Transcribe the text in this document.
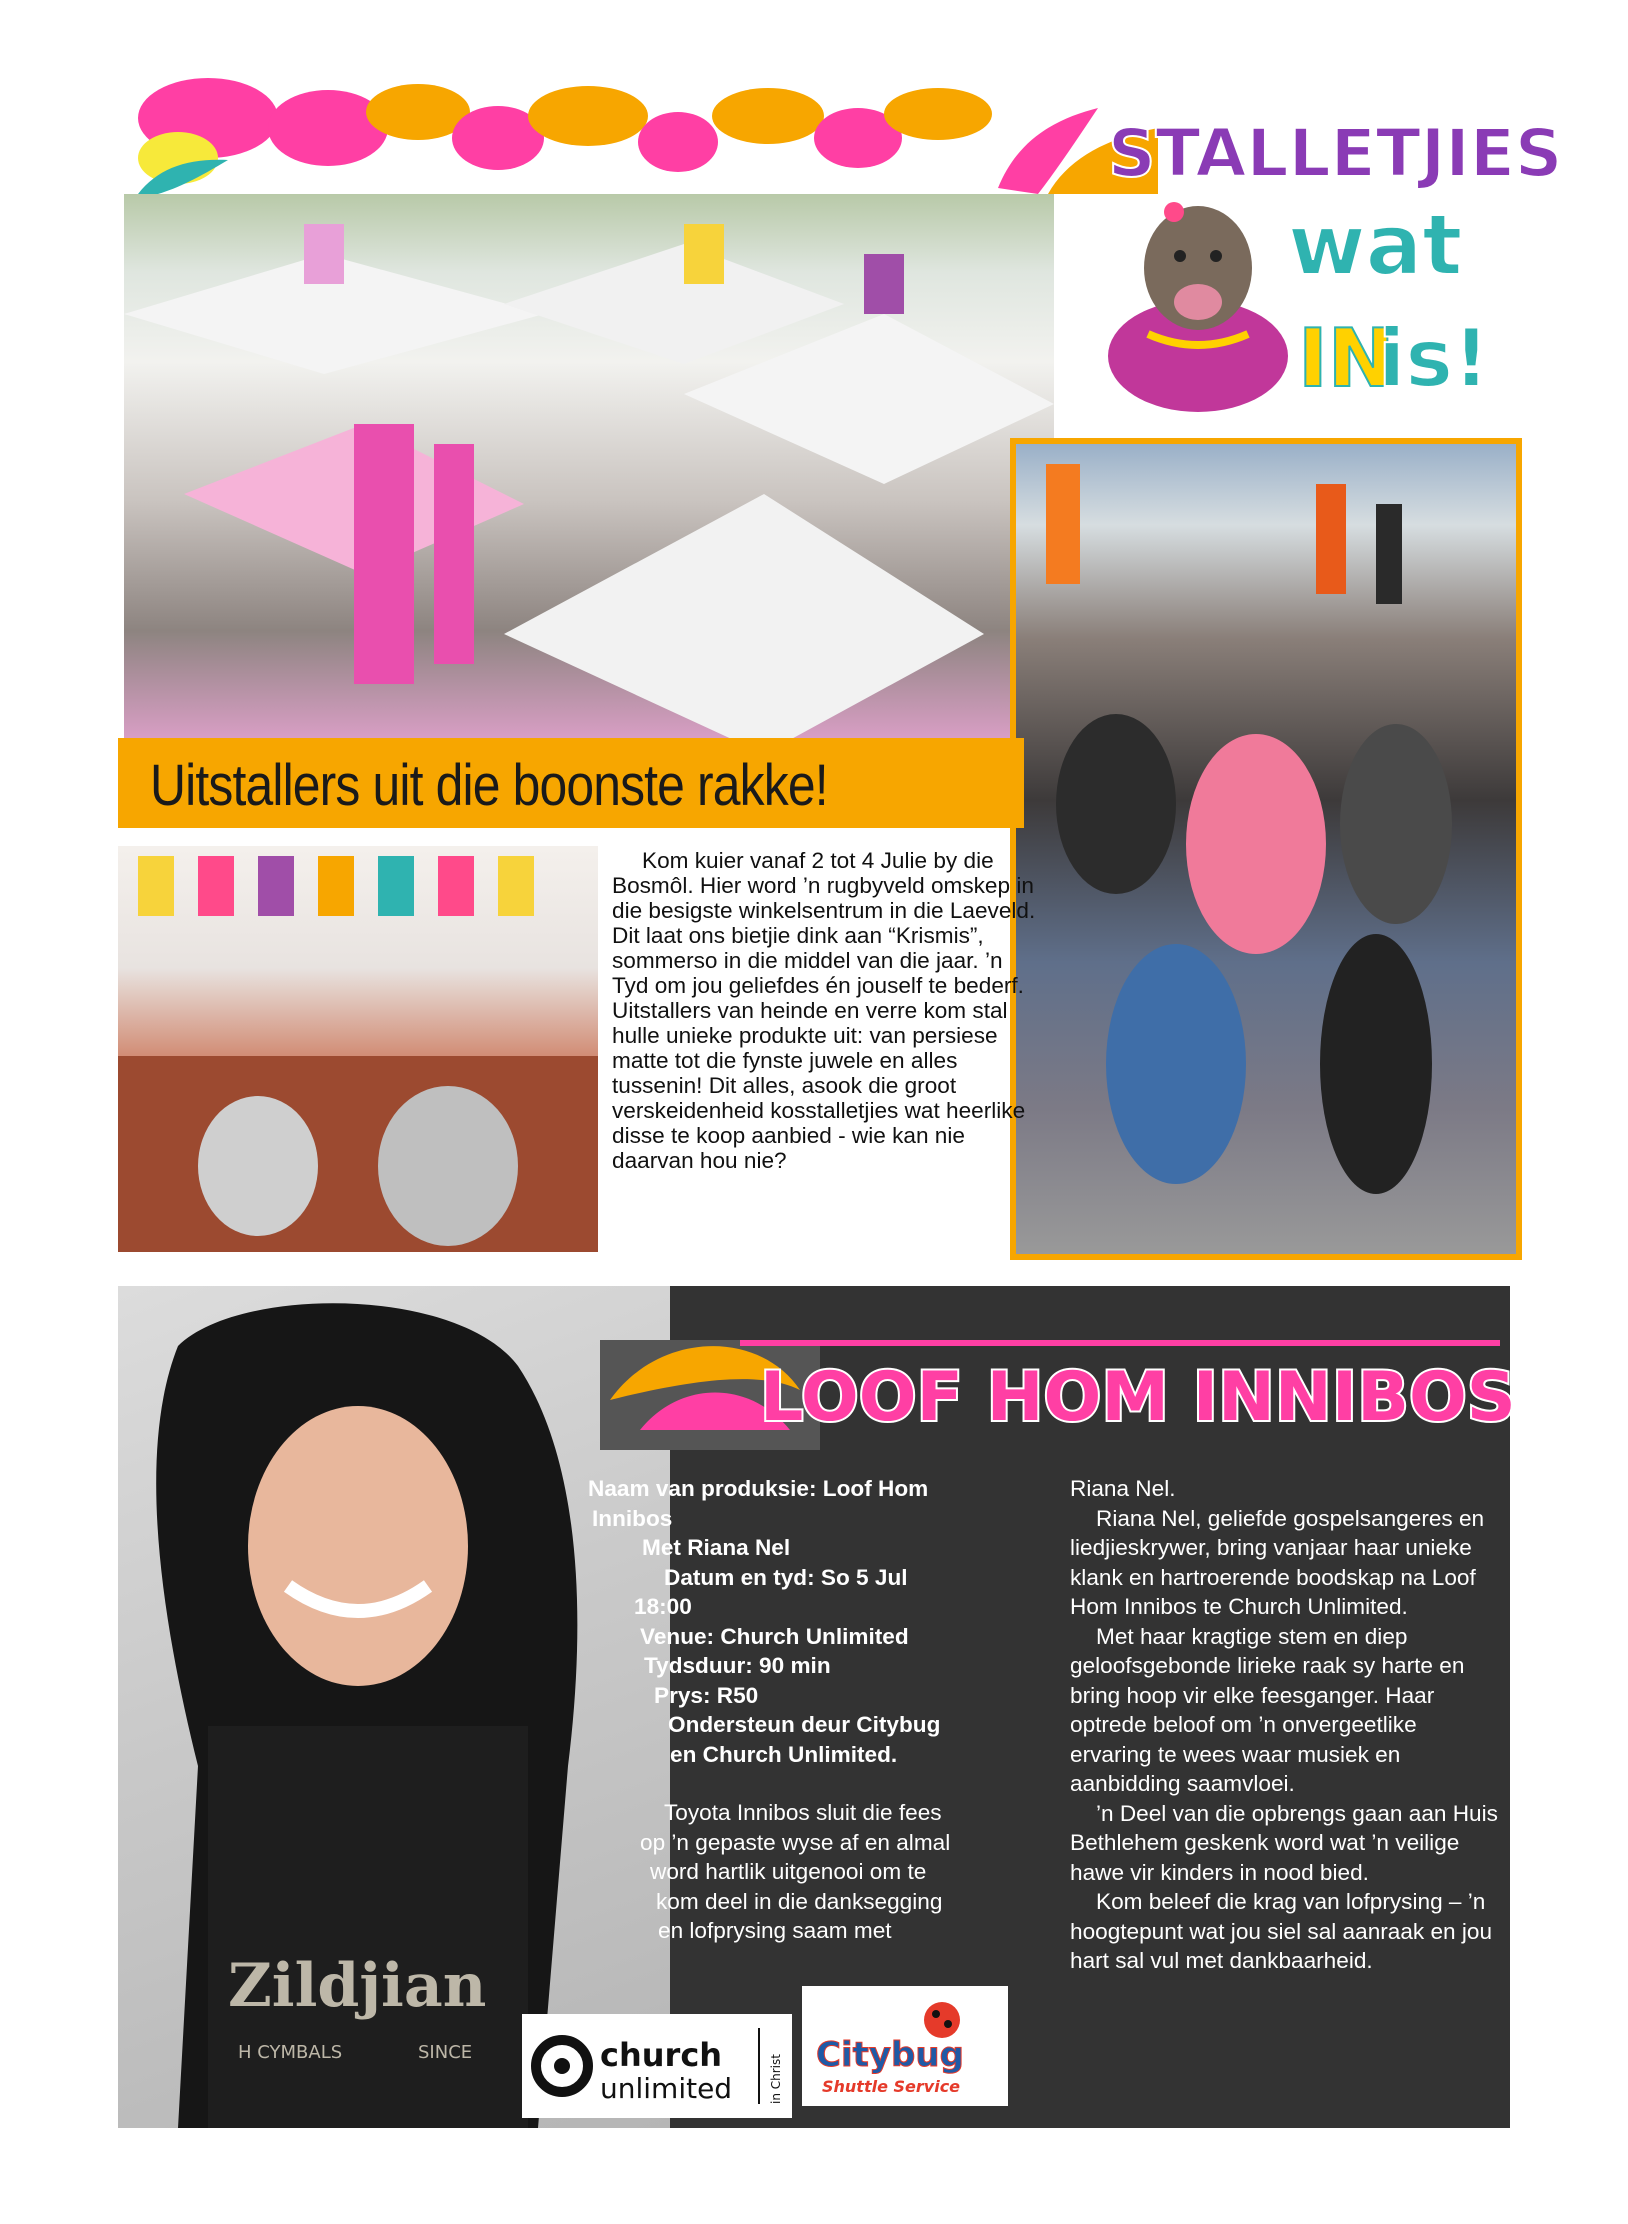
STALLETJIES
wat
IN
is!
Uitstallers uit die boonste rakke!

Kom kuier vanaf 2 tot 4 Julie by die Bosmôl. Hier word ’n rugbyveld omskep in die besigste winkelsentrum in die Laeveld. Dit laat ons bietjie dink aan “Krismis”, sommerso in die middel van die jaar. ’n Tyd om jou geliefdes én jouself te bederf. Uitstallers van heinde en verre kom stal hulle unieke produkte uit: van persiese matte tot die fynste juwele en alles tussenin! Dit alles, asook die groot verskeidenheid kosstalletjies wat heerlike disse te koop aanbied - wie kan nie daarvan hou nie?

Zildjian
H CYMBALS	SINCE
LOOF HOM INNIBOS
Naam van produksie: Loof Hom
Innibos
Met Riana Nel
Datum en tyd: So 5 Jul
18:00
Venue: Church Unlimited
Tydsduur: 90 min
Prys: R50
Ondersteun deur Citybug
en Church Unlimited.
Toyota Innibos sluit die fees
op ’n gepaste wyse af en almal
word hartlik uitgenooi om te
kom deel in die danksegging
en lofprysing saam met

Riana Nel.

Riana Nel, geliefde gospelsangeres en liedjieskrywer, bring vanjaar haar unieke klank en hartroerende boodskap na Loof Hom Innibos te Church Unlimited.

Met haar kragtige stem en diep geloofsgebonde lirieke raak sy harte en bring hoop vir elke feesganger. Haar optrede beloof om ’n onvergeetlike ervaring te wees waar musiek en aanbidding saamvloei.

’n Deel van die opbrengs gaan aan Huis Bethlehem geskenk word wat ’n veilige hawe vir kinders in nood bied.

Kom beleef die krag van lofprysing – ’n hoogtepunt wat jou siel sal aanraak en jou hart sal vul met dankbaarheid.

church
unlimited	in Christ Citybug
Shuttle Service
